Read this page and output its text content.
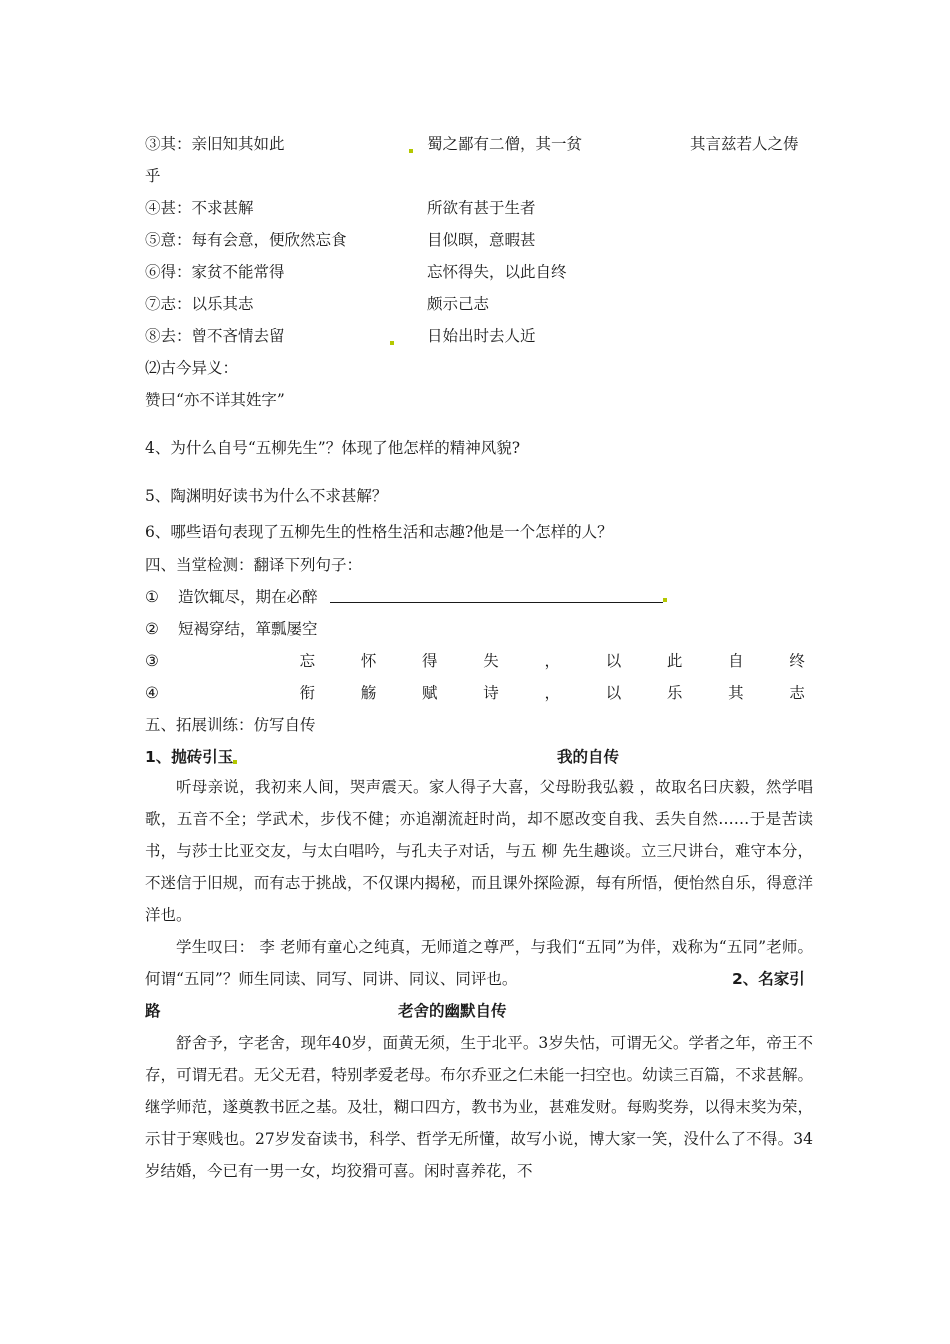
③其：亲旧知其如此	蜀之鄙有二僧，其一贫	其言兹若人之俦
乎
④甚：不求甚解	所欲有甚于生者
⑤意：每有会意，便欣然忘食	目似暝，意暇甚
⑥得：家贫不能常得	忘怀得失，以此自终
⑦志：以乐其志	颇示己志
⑧去：曾不吝情去留	日始出时去人近
⑵古今异义：
赞曰“亦不详其姓字”
4、为什么自号“五柳先生”？体现了他怎样的精神风貌?
5、陶渊明好读书为什么不求甚解？
6、哪些语句表现了五柳先生的性格生活和志趣?他是一个怎样的人？
四、当堂检测：翻译下列句子：
① 造饮辄尽，期在必醉
② 短褐穿结，箪瓢屡空
③	忘	怀	得	失	，	以	此	自	终
④	衔	觞	赋	诗	，	以	乐	其	志
五、拓展训练：仿写自传
1、抛砖引玉	我的自传
听母亲说，我初来人间，哭声震天。家人得子大喜，父母盼我弘毅 ，故取名曰庆毅，然学唱歌，五音不全；学武术，步伐不健；亦追潮流赶时尚，却不愿改变自我、丢失自然……于是苦读书，与莎士比亚交友，与太白唱吟，与孔夫子对话，与五 柳 先生趣谈。立三尺讲台，难守本分，不迷信于旧规，而有志于挑战，不仅课内揭秘，而且课外探险源，每有所悟，便怡然自乐，得意洋洋也。
学生叹曰： 李 老师有童心之纯真，无师道之尊严，与我们“五同”为伴，戏称为“五同”老师。何谓“五同”？师生同读、同写、同讲、同议、同评也。	2、名家引
路	老舍的幽默自传
舒舍予，字老舍，现年40岁，面黄无须，生于北平。3岁失怙，可谓无父。学者之年，帝王不存，可谓无君。无父无君，特别孝爱老母。布尔乔亚之仁未能一扫空也。幼读三百篇，不求甚解。继学师范，遂奠教书匠之基。及壮，糊口四方，教书为业，甚难发财。每购奖券，以得末奖为荣，示甘于寒贱也。27岁发奋读书，科学、哲学无所懂，故写小说，博大家一笑，没什么了不得。34岁结婚，今已有一男一女，均狡猾可喜。闲时喜养花，不
